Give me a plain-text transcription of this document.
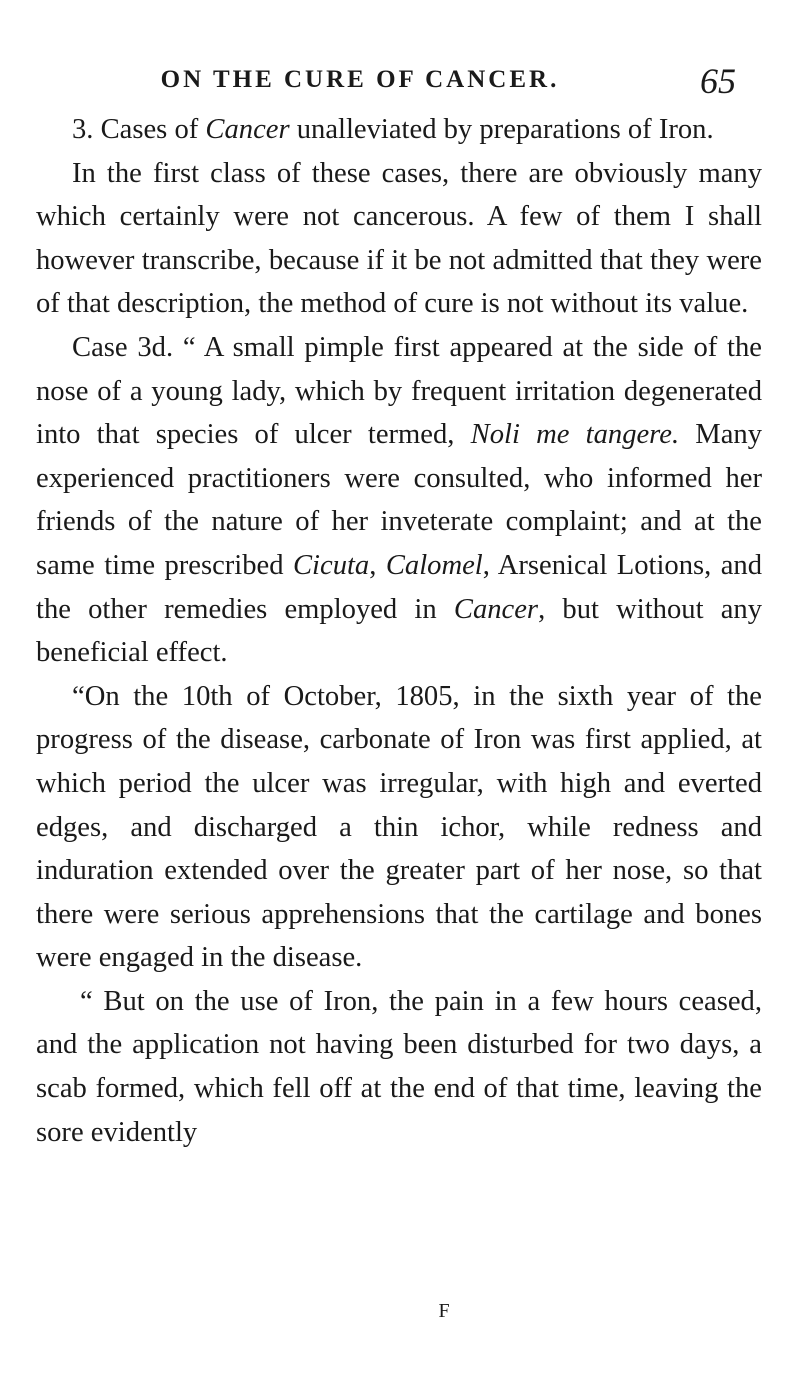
ON THE CURE OF CANCER.	65

3. Cases of Cancer unalleviated by preparations of Iron.

In the first class of these cases, there are obviously many which certainly were not cancerous. A few of them I shall however transcribe, because if it be not admitted that they were of that description, the method of cure is not without its value.

Case 3d. “ A small pimple first appeared at the side of the nose of a young lady, which by frequent irritation degenerated into that species of ulcer termed, Noli me tangere. Many experienced practitioners were consulted, who informed her friends of the nature of her inveterate complaint; and at the same time prescribed Cicuta, Calomel, Arsenical Lotions, and the other remedies employed in Cancer, but without any beneficial effect.

“On the 10th of October, 1805, in the sixth year of the progress of the disease, carbonate of Iron was first applied, at which period the ulcer was irregular, with high and everted edges, and discharged a thin ichor, while redness and induration extended over the greater part of her nose, so that there were serious apprehensions that the cartilage and bones were engaged in the disease.

“ But on the use of Iron, the pain in a few hours ceased, and the application not having been disturbed for two days, a scab formed, which fell off at the end of that time, leaving the sore evidently

F
